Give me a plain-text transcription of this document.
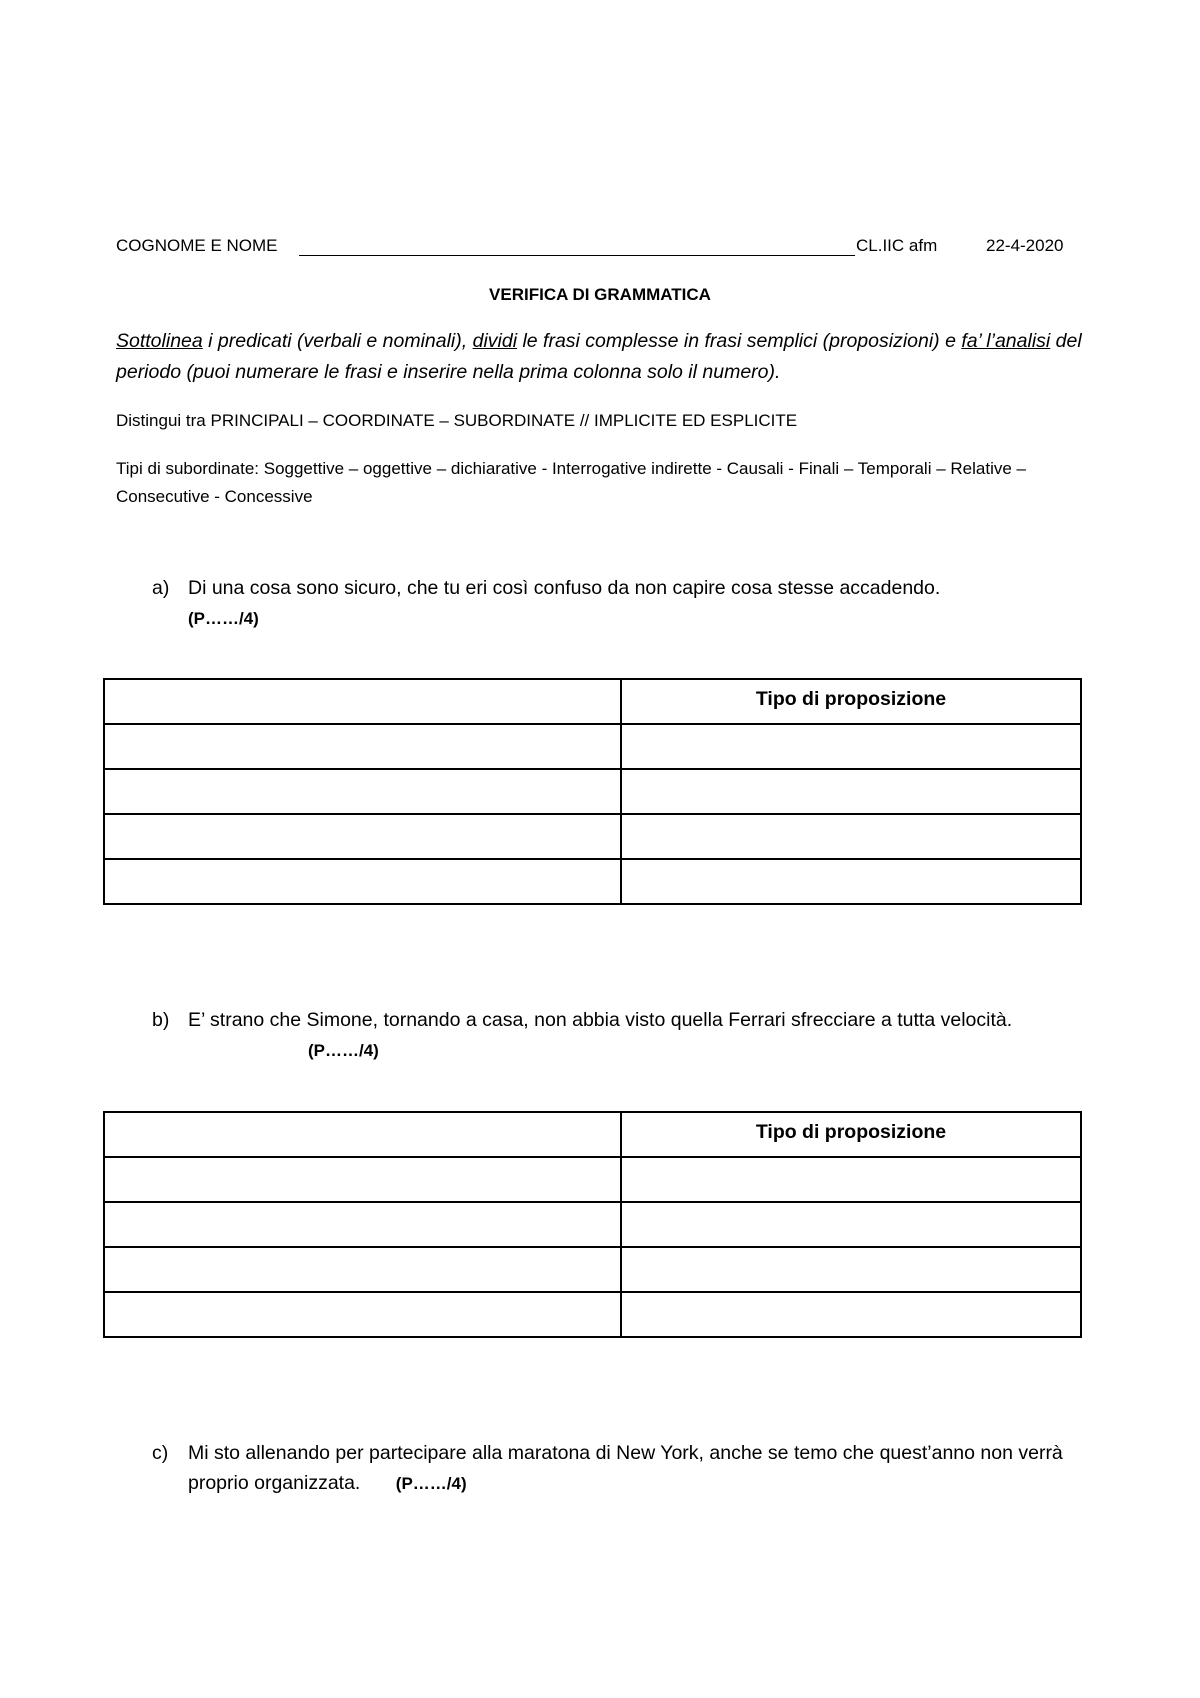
COGNOME E NOME	CL.IIC afm	22-4-2020
VERIFICA DI GRAMMATICA
Sottolinea i predicati (verbali e nominali), dividi le frasi complesse in frasi semplici (proposizioni) e fa’ l’analisi del periodo (puoi numerare le frasi e inserire nella prima colonna solo il numero).
Distingui tra PRINCIPALI – COORDINATE – SUBORDINATE // IMPLICITE ED ESPLICITE
Tipi di subordinate: Soggettive – oggettive – dichiarative - Interrogative indirette - Causali - Finali – Temporali – Relative – Consecutive - Concessive
a) Di una cosa sono sicuro, che tu eri così confuso da non capire cosa stesse accadendo.
(P……/4)
	Tipo di proposizione

b) E’ strano che Simone, tornando a casa, non abbia visto quella Ferrari sfrecciare a tutta velocità. (P……/4)
	Tipo di proposizione

c)	Mi sto allenando per partecipare alla maratona di New York, anche se temo che quest’anno non verrà proprio organizzata. (P……/4)
